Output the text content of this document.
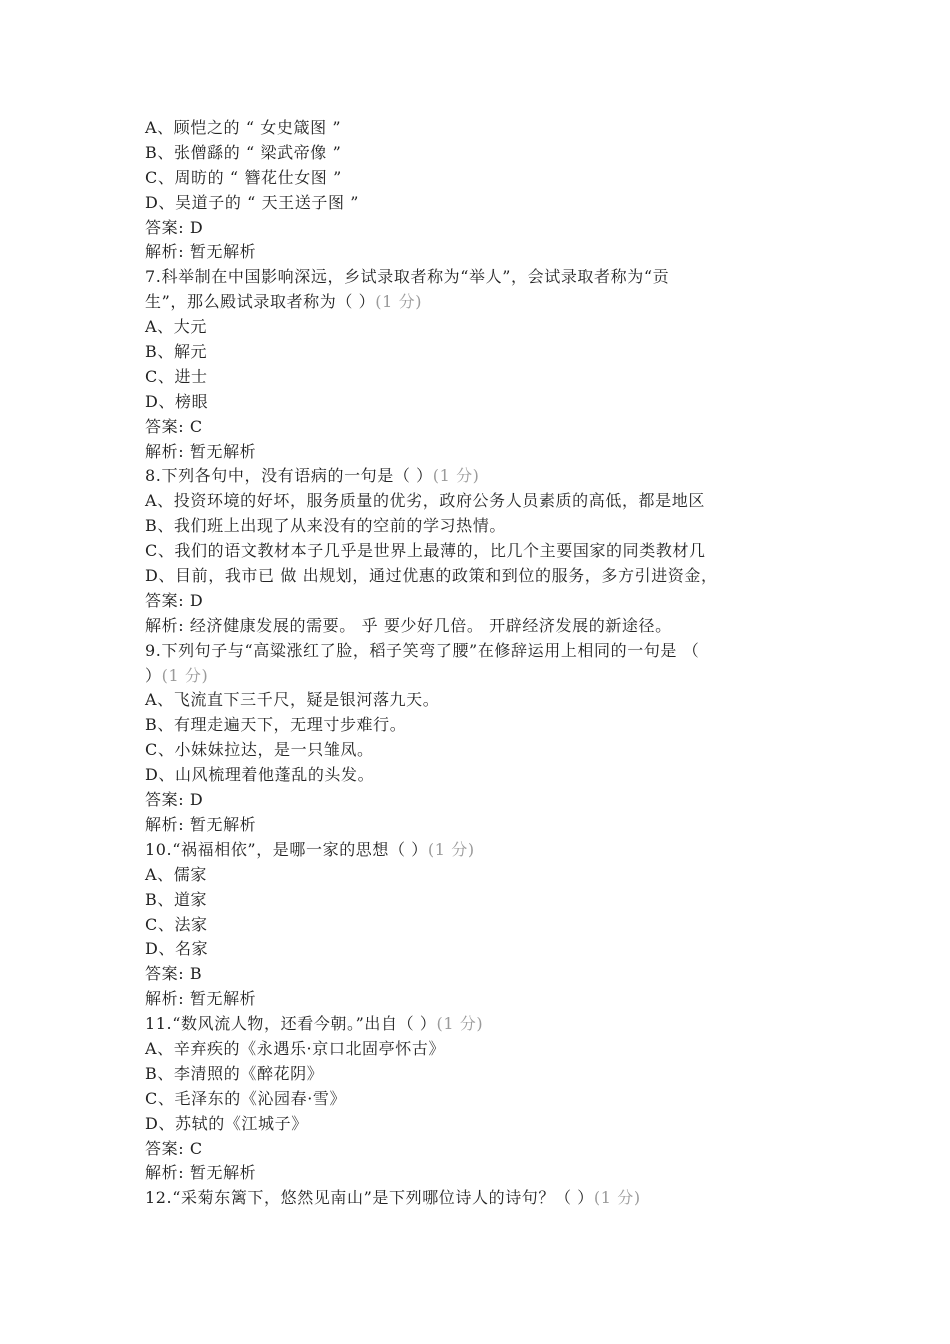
A、顾恺之的 “ 女史箴图 ”
B、张僧繇的 “ 梁武帝像 ”
C、周昉的 “ 簪花仕女图 ”
D、吴道子的 “ 天王送子图 ”
答案: D
解析: 暂无解析
7.科举制在中国影响深远，乡试录取者称为“举人”，会试录取者称为“贡
生”，那么殿试录取者称为（ ）(1 分)
A、大元
B、解元
C、进士
D、榜眼
答案: C
解析: 暂无解析
8.下列各句中，没有语病的一句是（ ）(1 分)
A、投资环境的好坏，服务质量的优劣，政府公务人员素质的高低，都是地区
B、我们班上出现了从来没有的空前的学习热情。
C、我们的语文教材本子几乎是世界上最薄的，比几个主要国家的同类教材几
D、目前，我市已 做 出规划，通过优惠的政策和到位的服务，多方引进资金，
答案: D
解析: 经济健康发展的需要。 乎 要少好几倍。 开辟经济发展的新途径。
9.下列句子与“高粱涨红了脸，稻子笑弯了腰”在修辞运用上相同的一句是 （
）(1 分)
A、飞流直下三千尺，疑是银河落九天。
B、有理走遍天下，无理寸步难行。
C、小妹妹拉达，是一只雏凤。
D、山风梳理着他蓬乱的头发。
答案: D
解析: 暂无解析
10.“祸福相依”，是哪一家的思想（ ）(1 分)
A、儒家
B、道家
C、法家
D、名家
答案: B
解析: 暂无解析
11.“数风流人物，还看今朝。”出自（ ）(1 分)
A、辛弃疾的《永遇乐·京口北固亭怀古》
B、李清照的《醉花阴》
C、毛泽东的《沁园春·雪》
D、苏轼的《江城子》
答案: C
解析: 暂无解析
12.“采菊东篱下，悠然见南山”是下列哪位诗人的诗句？（ ）(1 分)
